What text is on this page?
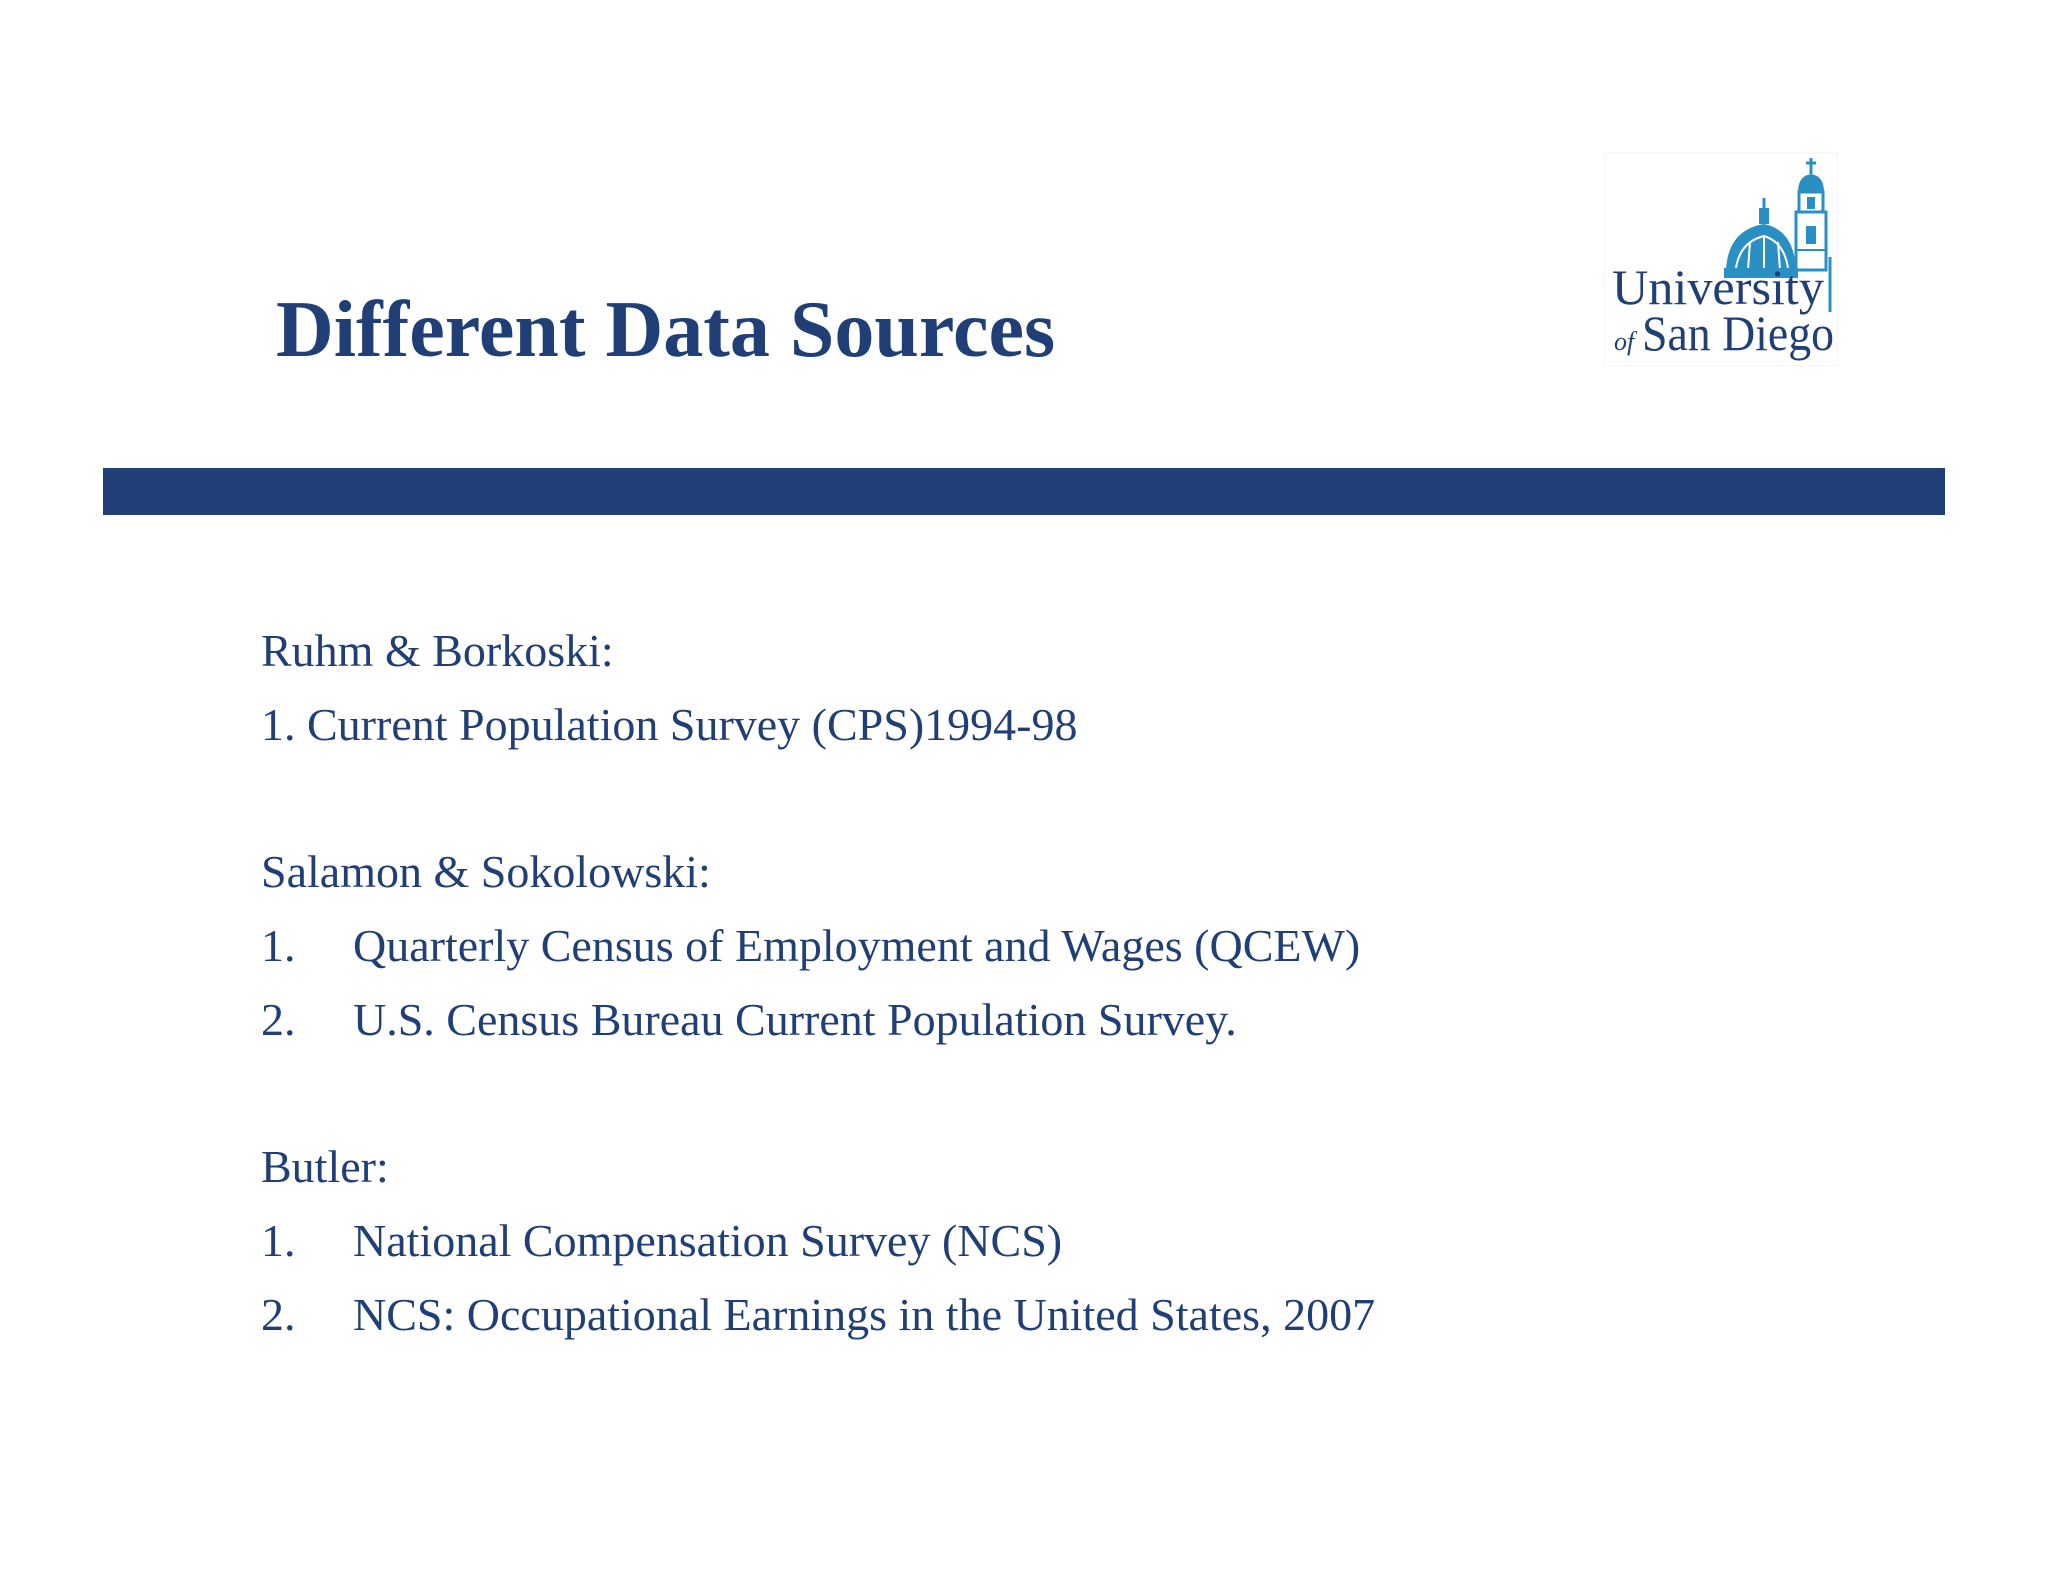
Different Data Sources	University
of San Diego
Ruhm & Borkoski:
1. Current Population Survey (CPS)1994-98
Salamon & Sokolowski:
1. Quarterly Census of Employment and Wages (QCEW)
2. U.S. Census Bureau Current Population Survey.
Butler:
1. National Compensation Survey (NCS)
2. NCS: Occupational Earnings in the United States, 2007
